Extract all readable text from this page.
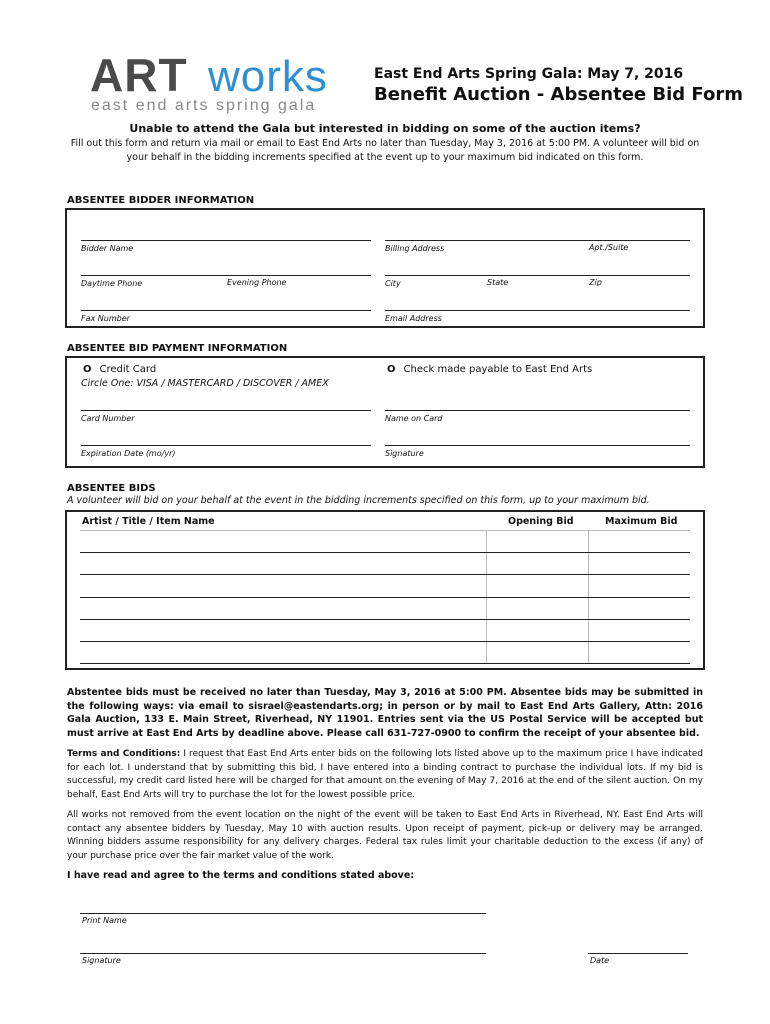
ART works
east end arts spring gala
East End Arts Spring Gala: May 7, 2016
Benefit Auction - Absentee Bid Form
Unable to attend the Gala but interested in bidding on some of the auction items?
Fill out this form and return via mail or email to East End Arts no later than Tuesday, May 3, 2016 at 5:00 PM. A volunteer will bid on your behalf in the bidding increments specified at the event up to your maximum bid indicated on this form.
ABSENTEE BIDDER INFORMATION
Bidder Name	Billing Address	Apt./Suite
Daytime Phone	Evening Phone	City	State	Zip
Fax Number	Email Address
ABSENTEE BID PAYMENT INFORMATION
O Credit Card
Circle One: VISA / MASTERCARD / DISCOVER / AMEX
O Check made payable to East End Arts
Card Number	Name on Card
Expiration Date (mo/yr)	Signature
ABSENTEE BIDS
A volunteer will bid on your behalf at the event in the bidding increments specified on this form, up to your maximum bid.
Artist / Title / Item Name	Opening Bid	Maximum Bid
Abstentee bids must be received no later than Tuesday, May 3, 2016 at 5:00 PM. Absentee bids may be submitted in the following ways: via email to sisrael@eastendarts.org; in person or by mail to East End Arts Gallery, Attn: 2016 Gala Auction, 133 E. Main Street, Riverhead, NY 11901. Entries sent via the US Postal Service will be accepted but must arrive at East End Arts by deadline above. Please call 631-727-0900 to confirm the receipt of your absentee bid.
Terms and Conditions: I request that East End Arts enter bids on the following lots listed above up to the maximum price I have indicated for each lot. I understand that by submitting this bid, I have entered into a binding contract to purchase the individual lots. If my bid is successful, my credit card listed here will be charged for that amount on the evening of May 7, 2016 at the end of the silent auction. On my behalf, East End Arts will try to purchase the lot for the lowest possible price.
All works not removed from the event location on the night of the event will be taken to East End Arts in Riverhead, NY. East End Arts will contact any absentee bidders by Tuesday, May 10 with auction results. Upon receipt of payment, pick-up or delivery may be arranged. Winning bidders assume responsibility for any delivery charges. Federal tax rules limit your charitable deduction to the excess (if any) of your purchase price over the fair market value of the work.
I have read and agree to the terms and conditions stated above:
Print Name
Signature	Date
